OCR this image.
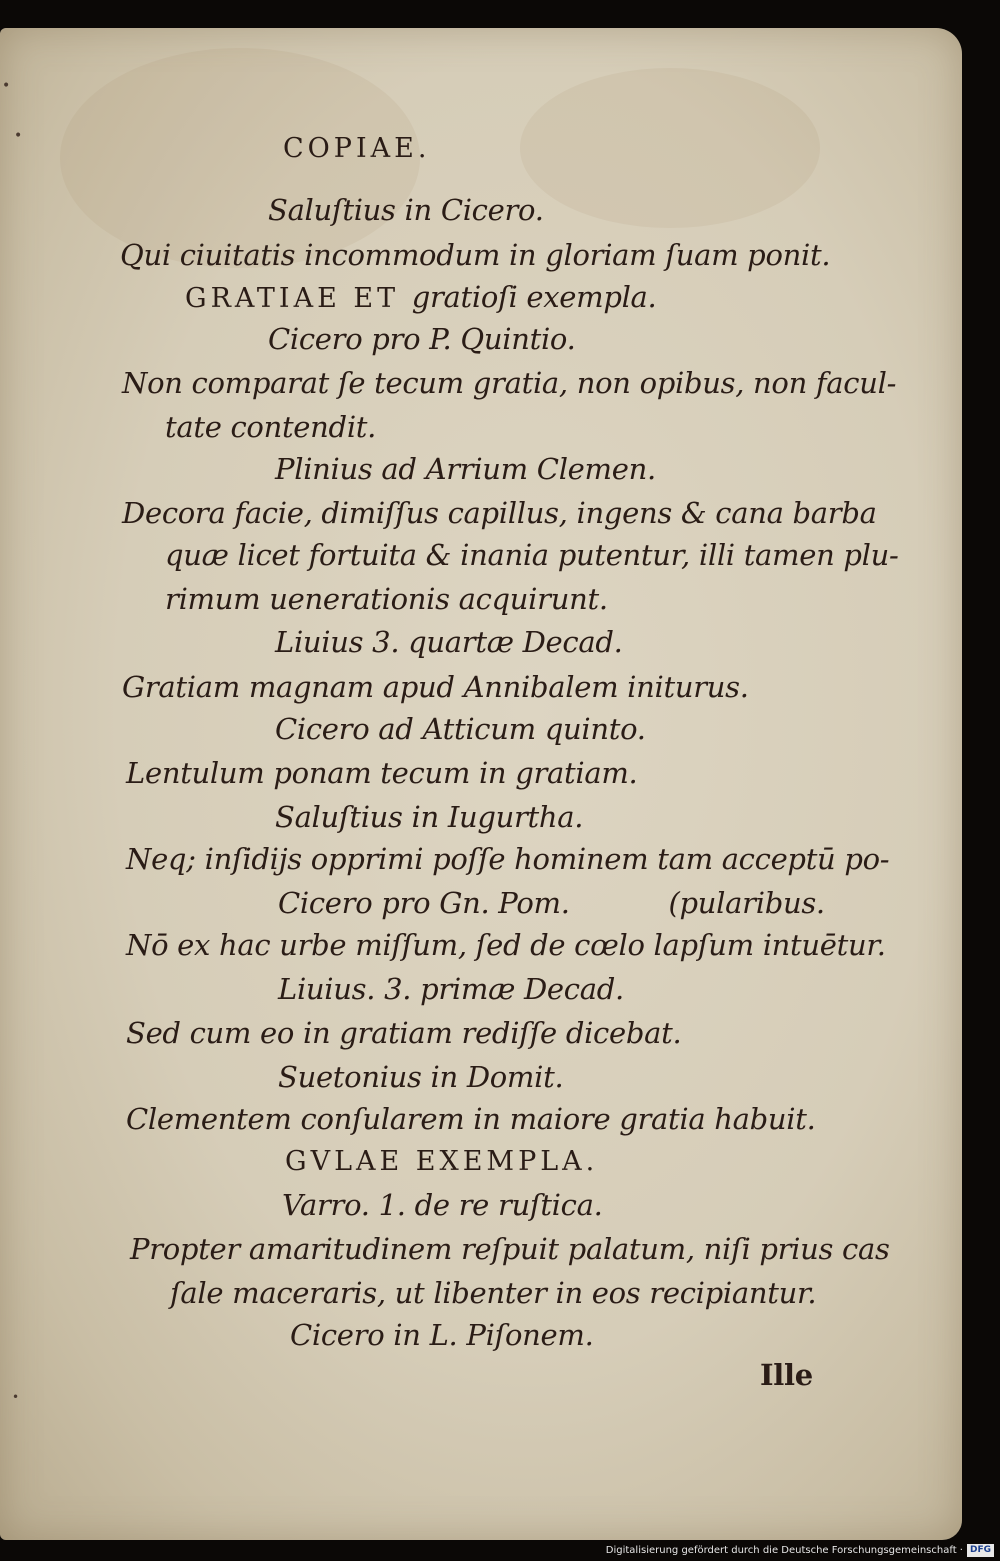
COPIAE.
Saluſtius in Cicero.
Qui ciuitatis incommodum in gloriam ſuam ponit.
GRATIAE ET gratioſi exempla.
Cicero pro P. Quintio.
Non comparat ſe tecum gratia, non opibus, non facul-
tate contendit.
Plinius ad Arrium Clemen.
Decora facie, dimiſſus capillus, ingens & cana barba
quæ licet fortuita & inania putentur, illi tamen plu-
rimum uenerationis acquirunt.
Liuius 3. quartæ Decad.
Gratiam magnam apud Annibalem initurus.
Cicero ad Atticum quinto.
Lentulum ponam tecum in gratiam.
Saluſtius in Iugurtha.
Neq; inſidijs opprimi poſſe hominem tam acceptū po-
Cicero pro Gn. Pom.	(pularibus.
Nō ex hac urbe miſſum, ſed de cœlo lapſum intuētur.
Liuius. 3. primæ Decad.
Sed cum eo in gratiam rediſſe dicebat.
Suetonius in Domit.
Clementem conſularem in maiore gratia habuit.
GVLAE EXEMPLA.
Varro. 1. de re ruſtica.
Propter amaritudinem reſpuit palatum, niſi prius cas
ſale maceraris, ut libenter in eos recipiantur.
Cicero in L. Piſonem.
Ille
•
•
•
Digitalisierung gefördert durch die Deutsche Forschungsgemeinschaft · DFG
